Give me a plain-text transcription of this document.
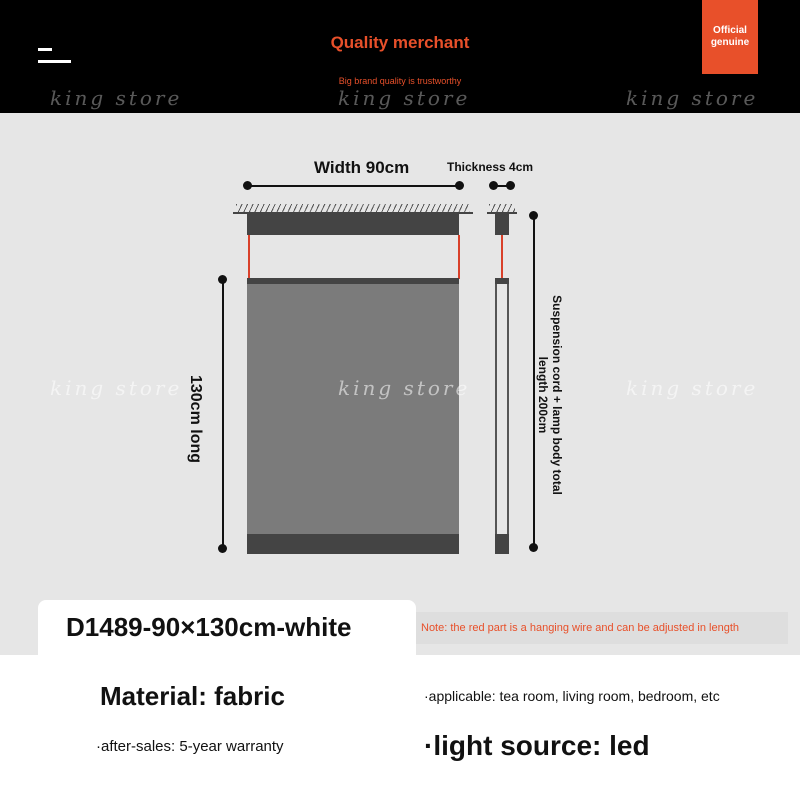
Quality merchant
Big brand quality is trustworthy
Official
genuine
king store	king store	king store
Width 90cm	Thickness 4cm
130cm long	Suspension cord + lamp body total
length 200cm
king store	king store	king store
Note: the red part is a hanging wire and can be adjusted in length
D1489-90×130cm-white
Material: fabric	·applicable: tea room, living room, bedroom, etc
·after-sales: 5-year warranty	·light source: led
